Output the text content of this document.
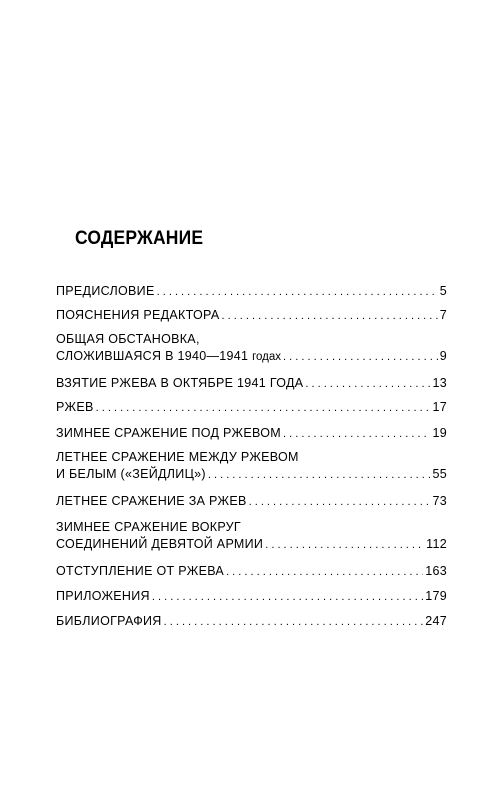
СОДЕРЖАНИЕ
ПРЕДИСЛОВИЕ . . .	5
ПОЯСНЕНИЯ РЕДАКТОРА . . .	7
ОБЩАЯ ОБСТАНОВКА,
СЛОЖИВШАЯСЯ В 1940—1941 годах . . .	9
ВЗЯТИЕ РЖЕВА В ОКТЯБРЕ 1941 ГОДА . . .	13
РЖЕВ . . .	17
ЗИМНЕЕ СРАЖЕНИЕ ПОД РЖЕВОМ . . .	19
ЛЕТНЕЕ СРАЖЕНИЕ МЕЖДУ РЖЕВОМ
И БЕЛЫМ («ЗЕЙДЛИЦ») . . .	55
ЛЕТНЕЕ СРАЖЕНИЕ ЗА РЖЕВ . . .	73
ЗИМНЕЕ СРАЖЕНИЕ ВОКРУГ
СОЕДИНЕНИЙ ДЕВЯТОЙ АРМИИ . . .	112
ОТСТУПЛЕНИЕ ОТ РЖЕВА . . .	163
ПРИЛОЖЕНИЯ . . .	179
БИБЛИОГРАФИЯ . . .	247
